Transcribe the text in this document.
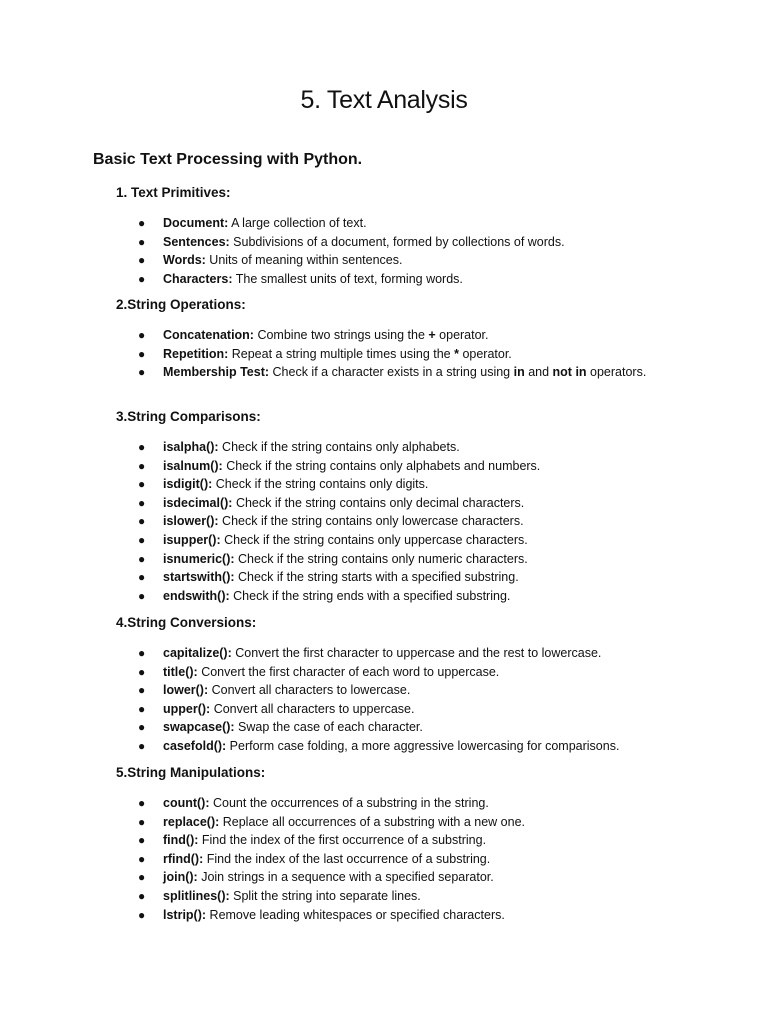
5. Text Analysis
Basic Text Processing with Python.
1. Text Primitives:
● Document: A large collection of text.
● Sentences: Subdivisions of a document, formed by collections of words.
● Words: Units of meaning within sentences.
● Characters: The smallest units of text, forming words.
2.String Operations:
● Concatenation: Combine two strings using the + operator.
● Repetition: Repeat a string multiple times using the * operator.
● Membership Test: Check if a character exists in a string using in and not in operators.
3.String Comparisons:
● isalpha(): Check if the string contains only alphabets.
● isalnum(): Check if the string contains only alphabets and numbers.
● isdigit(): Check if the string contains only digits.
● isdecimal(): Check if the string contains only decimal characters.
● islower(): Check if the string contains only lowercase characters.
● isupper(): Check if the string contains only uppercase characters.
● isnumeric(): Check if the string contains only numeric characters.
● startswith(): Check if the string starts with a specified substring.
● endswith(): Check if the string ends with a specified substring.
4.String Conversions:
● capitalize(): Convert the first character to uppercase and the rest to lowercase.
● title(): Convert the first character of each word to uppercase.
● lower(): Convert all characters to lowercase.
● upper(): Convert all characters to uppercase.
● swapcase(): Swap the case of each character.
● casefold(): Perform case folding, a more aggressive lowercasing for comparisons.
5.String Manipulations:
● count(): Count the occurrences of a substring in the string.
● replace(): Replace all occurrences of a substring with a new one.
● find(): Find the index of the first occurrence of a substring.
● rfind(): Find the index of the last occurrence of a substring.
● join(): Join strings in a sequence with a specified separator.
● splitlines(): Split the string into separate lines.
● lstrip(): Remove leading whitespaces or specified characters.
